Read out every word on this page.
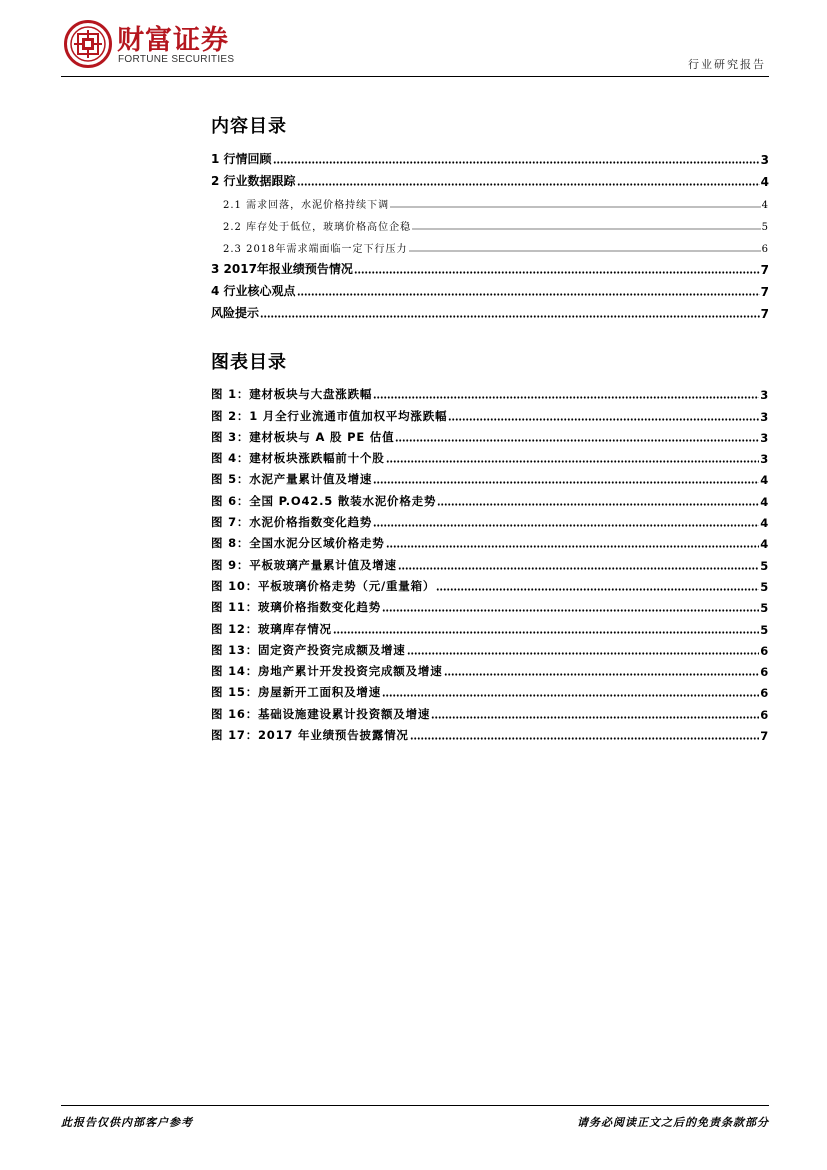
财富证券
FORTUNE SECURITIES	行业研究报告
内容目录
1 行情回顾	3
2 行业数据跟踪	4
2.1 需求回落，水泥价格持续下调	4
2.2 库存处于低位，玻璃价格高位企稳	5
2.3 2018年需求端面临一定下行压力	6
3 2017年报业绩预告情况	7
4 行业核心观点	7
风险提示	7
图表目录
图 1：建材板块与大盘涨跌幅	3
图 2：1 月全行业流通市值加权平均涨跌幅	3
图 3：建材板块与 A 股 PE 估值	3
图 4：建材板块涨跌幅前十个股	3
图 5：水泥产量累计值及增速	4
图 6：全国 P.O42.5 散装水泥价格走势	4
图 7：水泥价格指数变化趋势	4
图 8：全国水泥分区域价格走势	4
图 9：平板玻璃产量累计值及增速	5
图 10：平板玻璃价格走势（元/重量箱）	5
图 11：玻璃价格指数变化趋势	5
图 12：玻璃库存情况	5
图 13：固定资产投资完成额及增速	6
图 14：房地产累计开发投资完成额及增速	6
图 15：房屋新开工面积及增速	6
图 16：基础设施建设累计投资额及增速	6
图 17：2017 年业绩预告披露情况	7
此报告仅供内部客户参考	请务必阅读正文之后的免责条款部分
